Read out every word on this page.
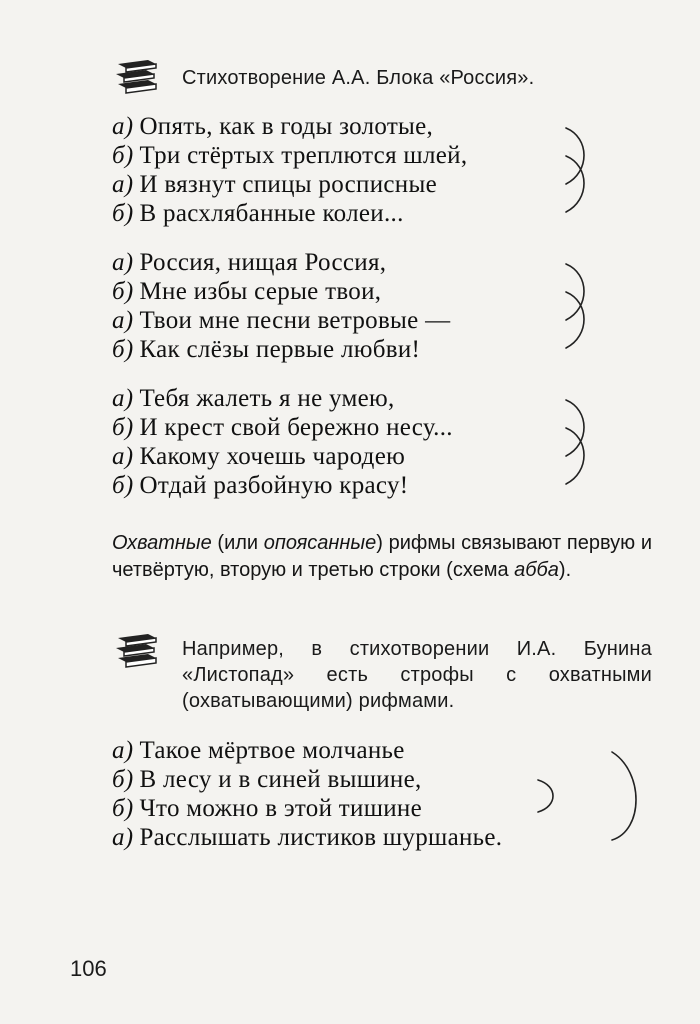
Стихотворение А.А. Блока «Россия».
а) Опять, как в годы золотые,
б) Три стёртых треплются шлей,
а) И вязнут спицы росписные
б) В расхлябанные колеи...
а) Россия, нищая Россия,
б) Мне избы серые твои,
а) Твои мне песни ветровые —
б) Как слёзы первые любви!
а) Тебя жалеть я не умею,
б) И крест свой бережно несу...
а) Какому хочешь чародею
б) Отдай разбойную красу!
Охватные (или опоясанные) рифмы связывают первую и четвёртую, вторую и третью строки (схема абба).
Например, в стихотворении И.А. Бунина «Листопад» есть строфы с охватными (охватывающими) рифмами.
а) Такое мёртвое молчанье
б) В лесу и в синей вышине,
б) Что можно в этой тишине
а) Расслышать листиков шуршанье.
106
